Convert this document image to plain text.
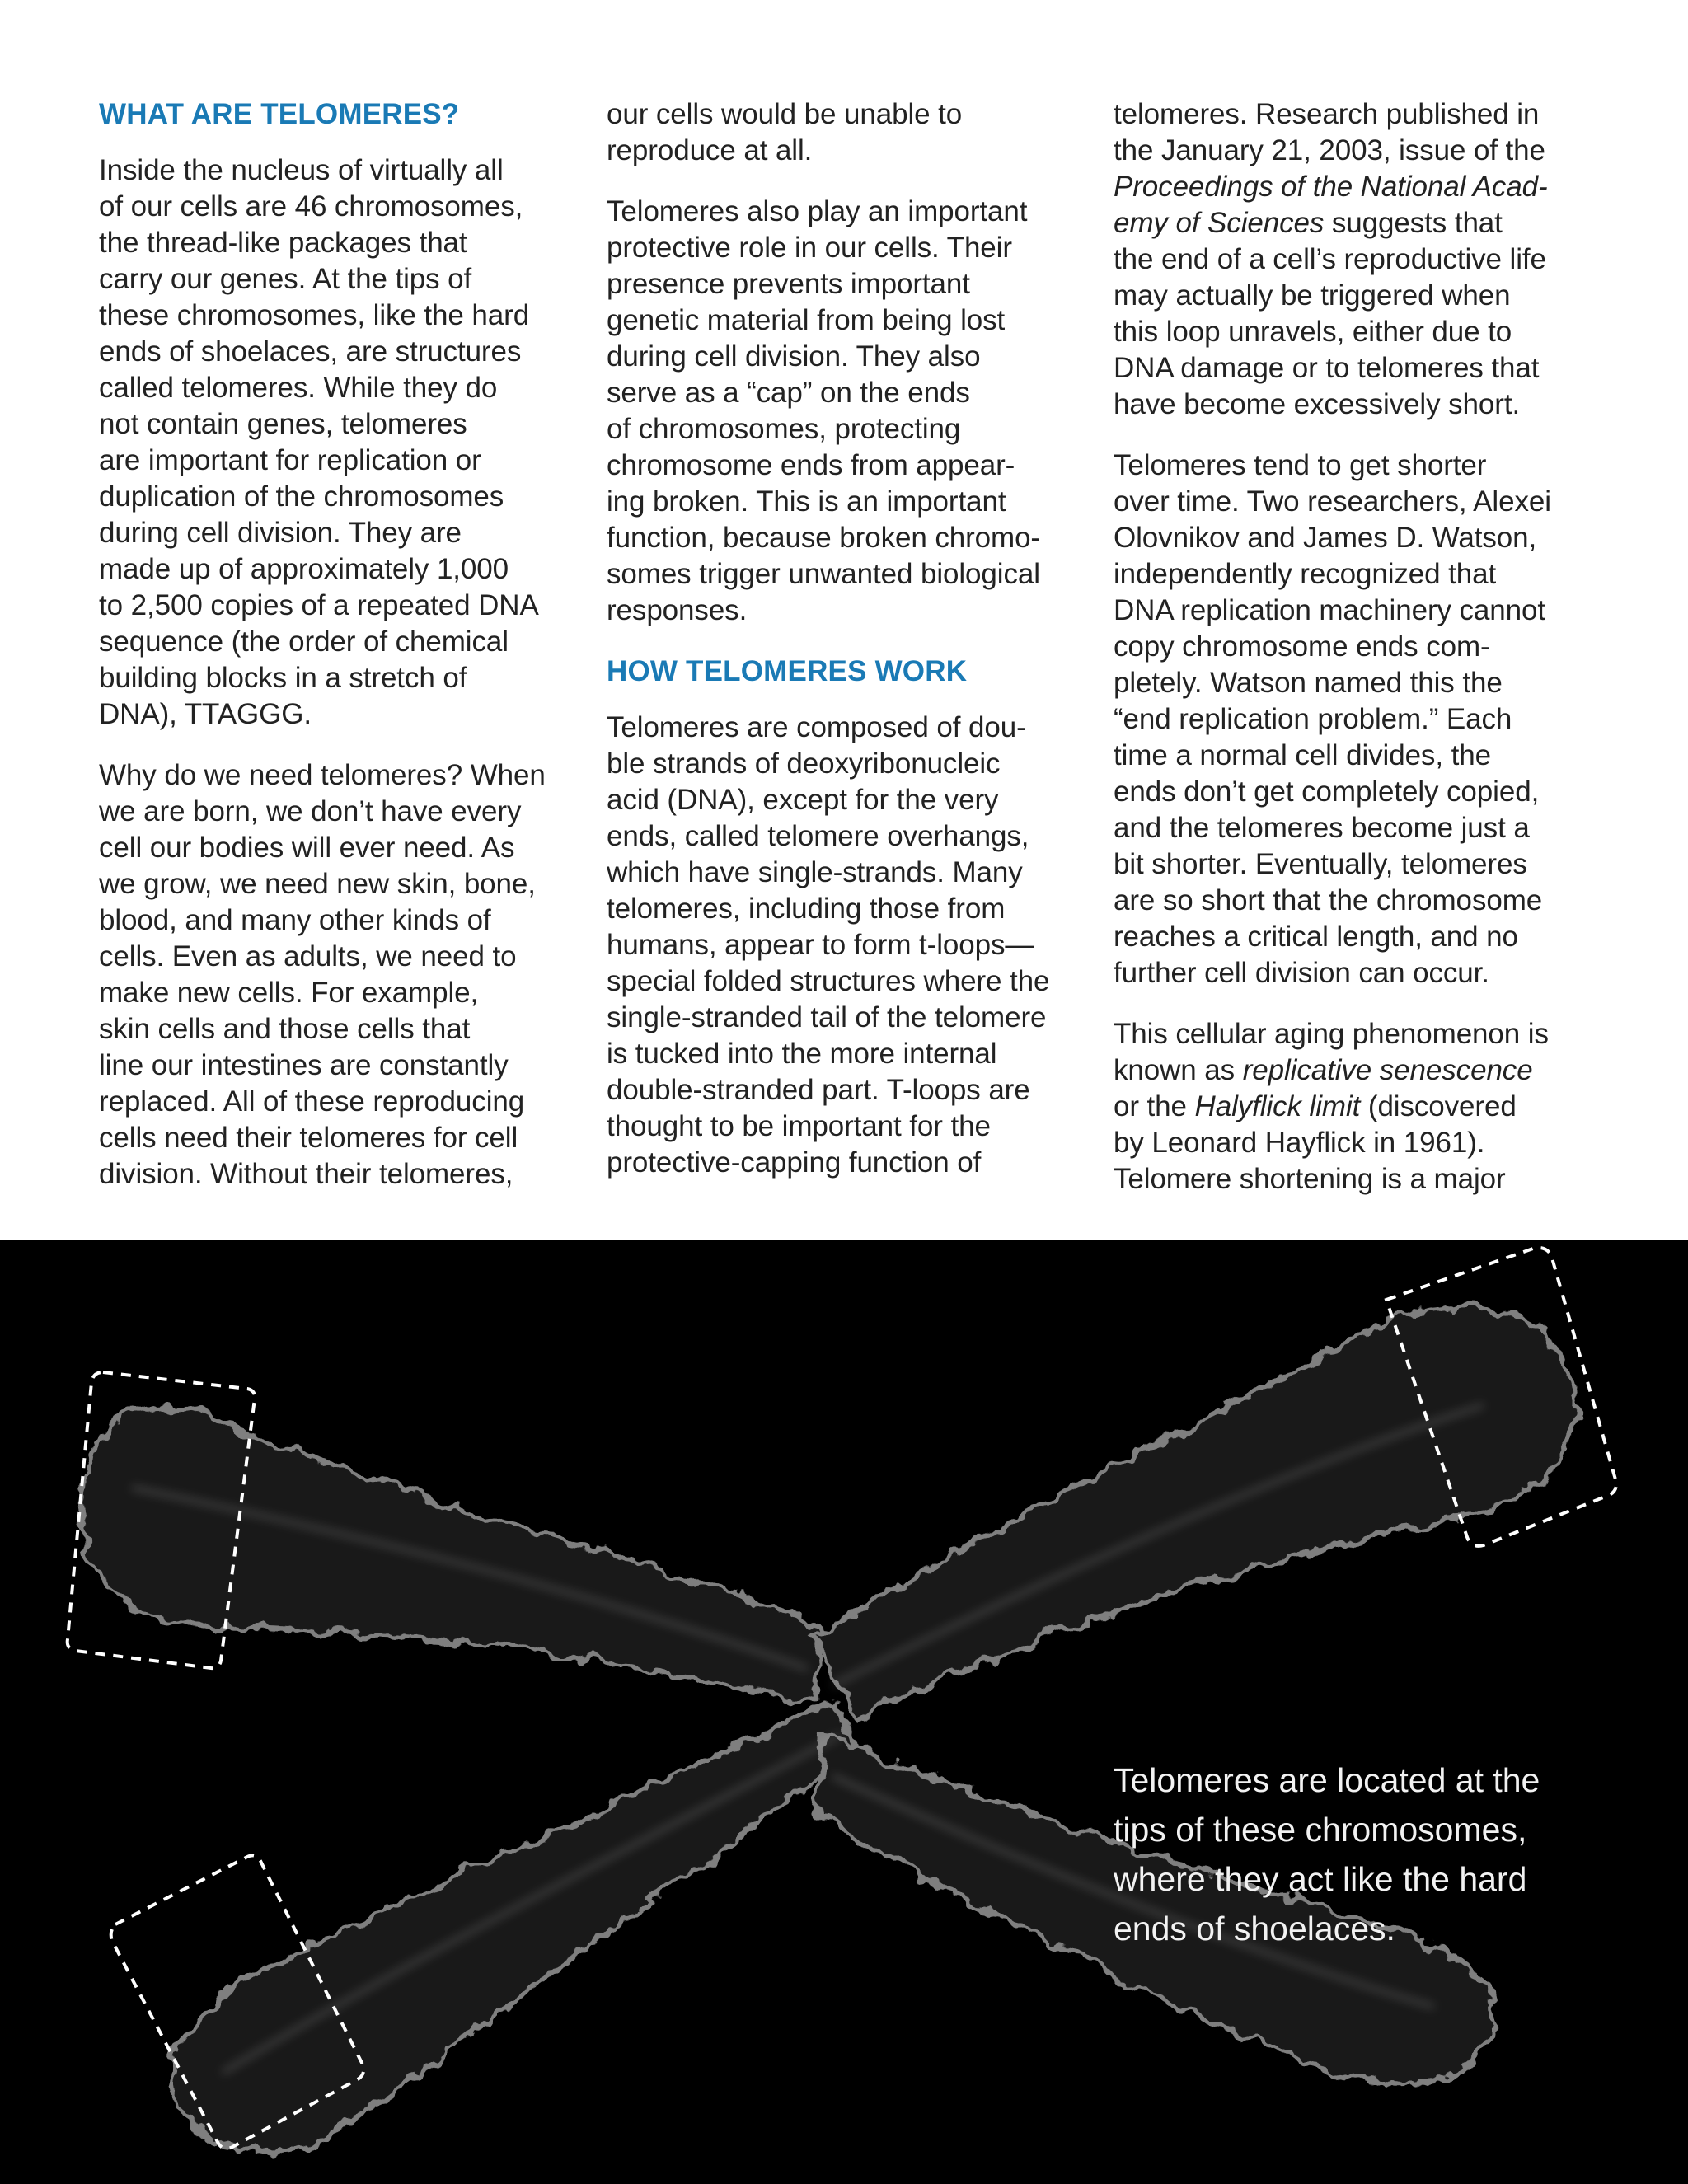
WHAT ARE TELOMERES?

Inside the nucleus of virtually all
of our cells are 46 chromosomes,
the thread-like packages that
carry our genes. At the tips of
these chromosomes, like the hard
ends of shoelaces, are structures
called telomeres. While they do
not contain genes, telomeres
are important for replication or
duplication of the chromosomes
during cell division. They are
made up of approximately 1,000
to 2,500 copies of a repeated DNA
sequence (the order of chemical
building blocks in a stretch of
DNA), TTAGGG.

Why do we need telomeres? When
we are born, we don’t have every
cell our bodies will ever need. As
we grow, we need new skin, bone,
blood, and many other kinds of
cells. Even as adults, we need to
make new cells. For example,
skin cells and those cells that
line our intestines are constantly
replaced. All of these reproducing
cells need their telomeres for cell
division. Without their telomeres,

our cells would be unable to
reproduce at all.

Telomeres also play an important
protective role in our cells. Their
presence prevents important
genetic material from being lost
during cell division. They also
serve as a “cap” on the ends
of chromosomes, protecting
chromosome ends from appear-
ing broken. This is an important
function, because broken chromo-
somes trigger unwanted biological
responses.

HOW TELOMERES WORK

Telomeres are composed of dou-
ble strands of deoxyribonucleic
acid (DNA), except for the very
ends, called telomere overhangs,
which have single-strands. Many
telomeres, including those from
humans, appear to form t-loops—
special folded structures where the
single-stranded tail of the telomere
is tucked into the more internal
double-stranded part. T-loops are
thought to be important for the
protective-capping function of

telomeres. Research published in
the January 21, 2003, issue of the
Proceedings of the National Acad-
emy of Sciences suggests that
the end of a cell’s reproductive life
may actually be triggered when
this loop unravels, either due to
DNA damage or to telomeres that
have become excessively short.

Telomeres tend to get shorter
over time. Two researchers, Alexei
Olovnikov and James D. Watson,
independently recognized that
DNA replication machinery cannot
copy chromosome ends com-
pletely. Watson named this the
“end replication problem.” Each
time a normal cell divides, the
ends don’t get completely copied,
and the telomeres become just a
bit shorter. Eventually, telomeres
are so short that the chromosome
reaches a critical length, and no
further cell division can occur.

This cellular aging phenomenon is
known as replicative senescence
or the Halyflick limit (discovered
by Leonard Hayflick in 1961).
Telomere shortening is a major

Telomeres are located at the
tips of these chromosomes,
where they act like the hard
ends of shoelaces.
